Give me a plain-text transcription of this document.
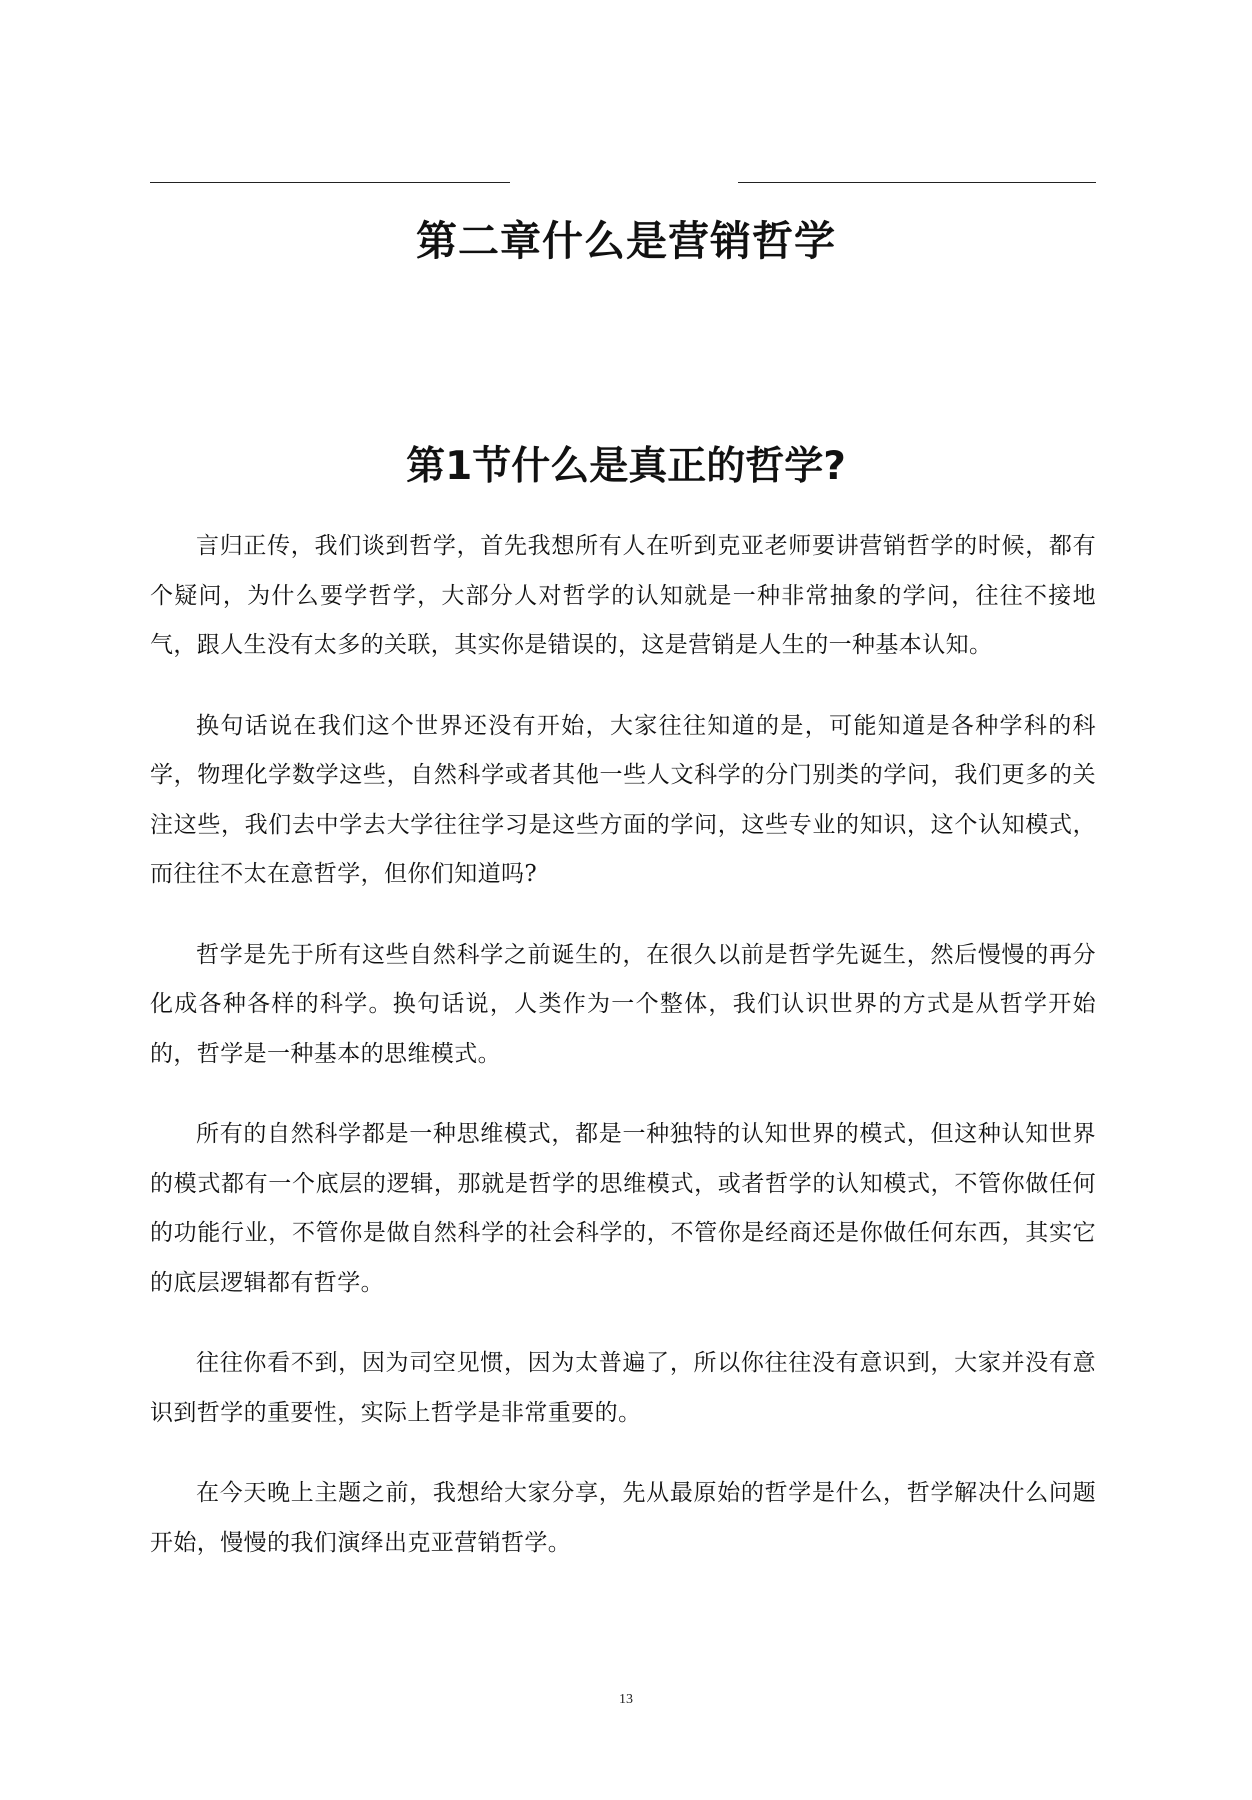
第二章什么是营销哲学
第1节什么是真正的哲学?

言归正传，我们谈到哲学，首先我想所有人在听到克亚老师要讲营销哲学的时候，都有个疑问，为什么要学哲学，大部分人对哲学的认知就是一种非常抽象的学问，往往不接地气，跟人生没有太多的关联，其实你是错误的，这是营销是人生的一种基本认知。

换句话说在我们这个世界还没有开始，大家往往知道的是，可能知道是各种学科的科学，物理化学数学这些，自然科学或者其他一些人文科学的分门别类的学问，我们更多的关注这些，我们去中学去大学往往学习是这些方面的学问，这些专业的知识，这个认知模式，而往往不太在意哲学，但你们知道吗?

哲学是先于所有这些自然科学之前诞生的，在很久以前是哲学先诞生，然后慢慢的再分化成各种各样的科学。换句话说，人类作为一个整体，我们认识世界的方式是从哲学开始的，哲学是一种基本的思维模式。

所有的自然科学都是一种思维模式，都是一种独特的认知世界的模式，但这种认知世界的模式都有一个底层的逻辑，那就是哲学的思维模式，或者哲学的认知模式，不管你做任何的功能行业，不管你是做自然科学的社会科学的，不管你是经商还是你做任何东西，其实它的底层逻辑都有哲学。

往往你看不到，因为司空见惯，因为太普遍了，所以你往往没有意识到，大家并没有意识到哲学的重要性，实际上哲学是非常重要的。

在今天晚上主题之前，我想给大家分享，先从最原始的哲学是什么，哲学解决什么问题开始，慢慢的我们演绎出克亚营销哲学。

13
